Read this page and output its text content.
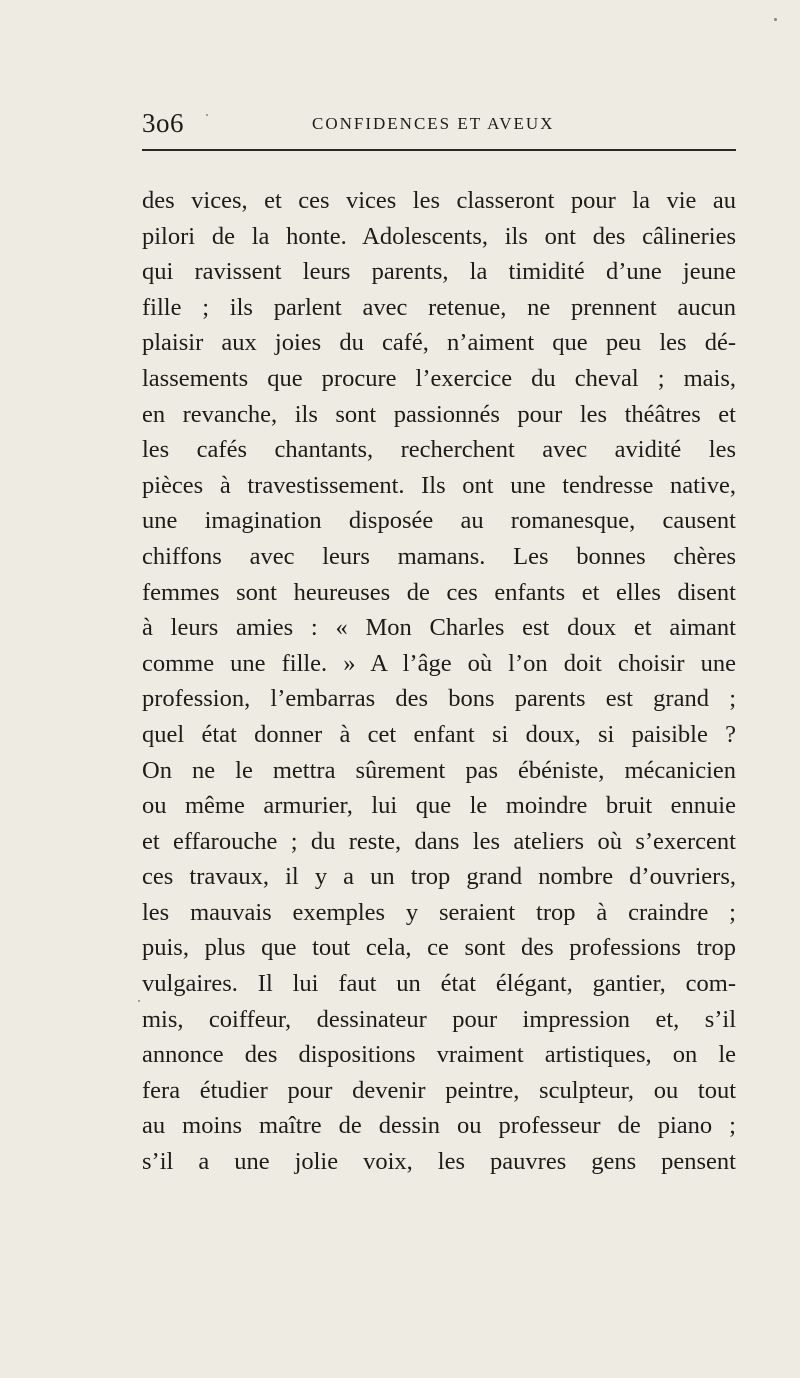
3o6	CONFIDENCES ET AVEUX
des vices, et ces vices les classeront pour la vie au
pilori de la honte. Adolescents, ils ont des câlineries
qui ravissent leurs parents, la timidité d’une jeune
fille ; ils parlent avec retenue, ne prennent aucun
plaisir aux joies du café, n’aiment que peu les dé-
lassements que procure l’exercice du cheval ; mais,
en revanche, ils sont passionnés pour les théâtres et
les cafés chantants, recherchent avec avidité les
pièces à travestissement. Ils ont une tendresse native,
une imagination disposée au romanesque, causent
chiffons avec leurs mamans. Les bonnes chères
femmes sont heureuses de ces enfants et elles disent
à leurs amies : « Mon Charles est doux et aimant
comme une fille. » A l’âge où l’on doit choisir une
profession, l’embarras des bons parents est grand ;
quel état donner à cet enfant si doux, si paisible ?
On ne le mettra sûrement pas ébéniste, mécanicien
ou même armurier, lui que le moindre bruit ennuie
et effarouche ; du reste, dans les ateliers où s’exercent
ces travaux, il y a un trop grand nombre d’ouvriers,
les mauvais exemples y seraient trop à craindre ;
puis, plus que tout cela, ce sont des professions trop
vulgaires. Il lui faut un état élégant, gantier, com-
mis, coiffeur, dessinateur pour impression et, s’il
annonce des dispositions vraiment artistiques, on le
fera étudier pour devenir peintre, sculpteur, ou tout
au moins maître de dessin ou professeur de piano ;
s’il a une jolie voix, les pauvres gens pensent
